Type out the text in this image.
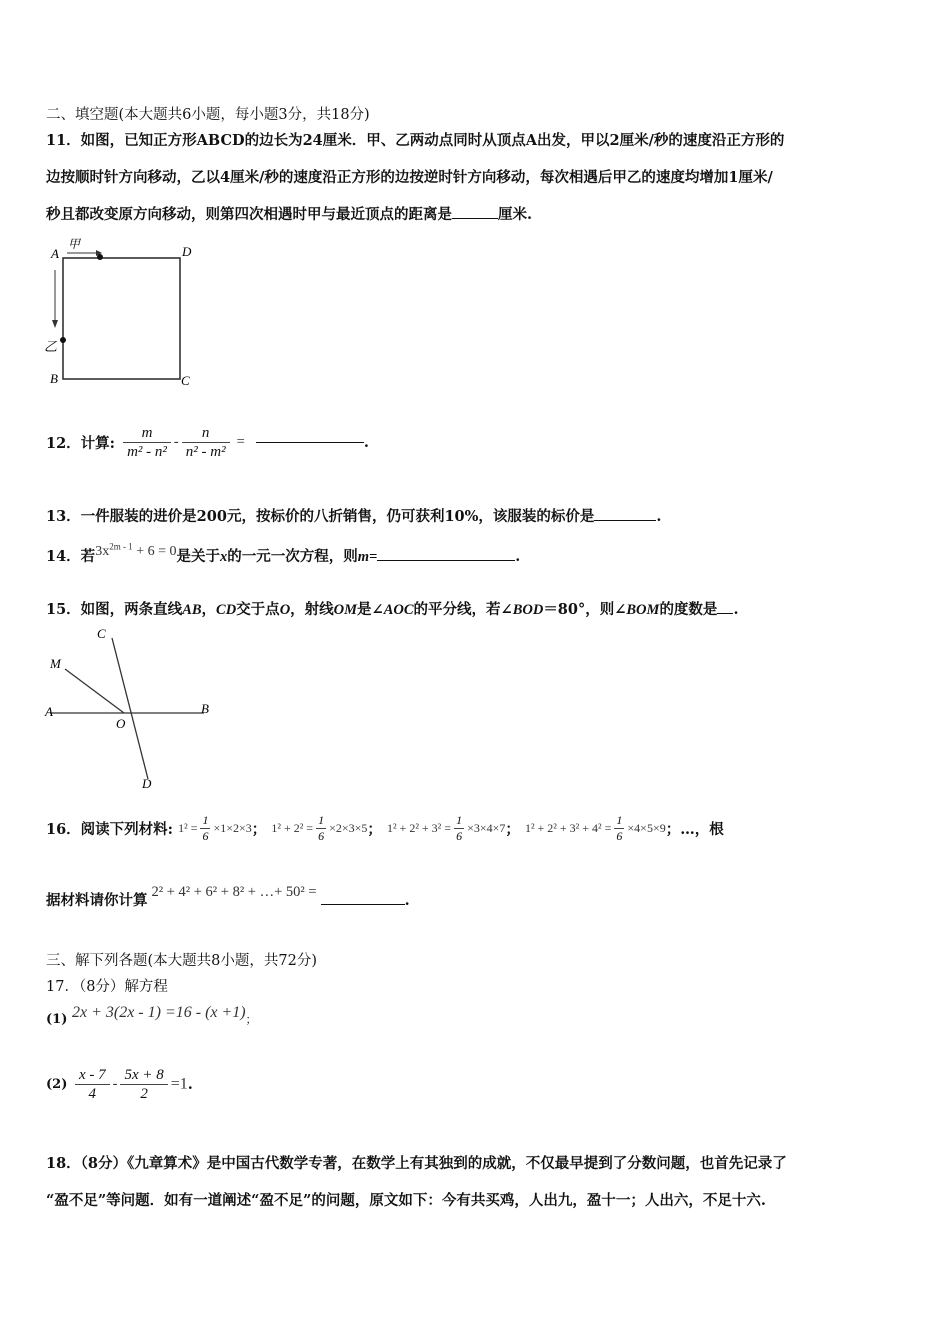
二、填空题(本大题共6小题，每小题3分，共18分)
11．如图，已知正方形ABCD的边长为24厘米．甲、乙两动点同时从顶点A出发，甲以2厘米/秒的速度沿正方形的
边按顺时针方向移动，乙以4厘米/秒的速度沿正方形的边按逆时针方向移动，每次相遇后甲乙的速度均增加1厘米/
秒且都改变原方向移动，则第四次相遇时甲与最近顶点的距离是	厘米.
A
甲	D
乙
B	C
12．计算: $\frac{m}{\text{m² - n²}} - \frac{n}{\text{n² - m²}}$ =	.
13．一件服装的进价是200元，按标价的八折销售，仍可获利10%，该服装的标价是	.
14．若$3x^{2m - 1} + 6 = 0$是关于x的一元一次方程，则m=	.
15．如图，两条直线AB，CD交于点O，射线OM是∠AOC的平分线，若∠BOD＝80°，则∠BOM的度数是 .
C
M
A	B
O
D
16．阅读下列材料: $1^2 = \frac{1}{6} \times 1\times 2\times 3$； $1^2 + 2^2 = \frac{1}{6} \times 2\times 3\times 5$； $1^2 + 2^2 + 3^2 = \frac{1}{6} \times 3\times 4\times 7$； $1^2 + 2^2 + 3^2 + 4^2 = \frac{1}{6} \times 4\times 5\times 9$；…，根
据材料请你计算 2² + 4² + 6² + 8² + …+ 50² =	.
三、解下列各题(本大题共8小题，共72分)
17．（8分）解方程
(1) 2x + 3(2x - 1) =16 - (x +1)；
$(2) \frac{x - 7}{4} - \frac{5x + 8}{2} =1$.
18．（8分）《九章算术》是中国古代数学专著，在数学上有其独到的成就，不仅最早提到了分数问题，也首先记录了
“盈不足”等问题．如有一道阐述“盈不足”的问题，原文如下：今有共买鸡，人出九，盈十一；人出六，不足十六.
